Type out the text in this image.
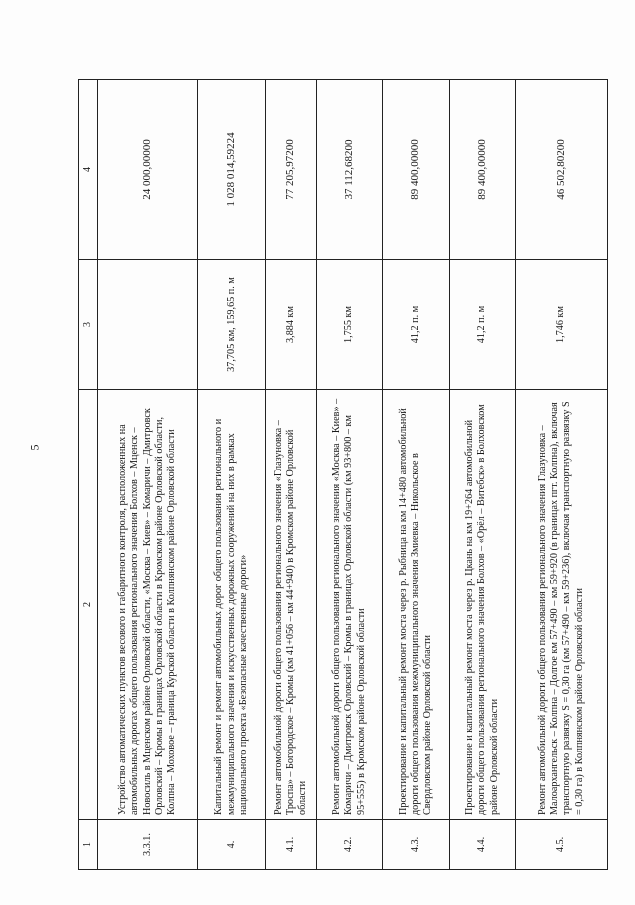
5
1	2	3	4
3.3.1.	Устройство автоматических пунктов весового и габаритного контроля, расположенных на автомобильных дорогах общего пользования регионального значения Болхов – Мценск – Новосиль в Мценском районе Орловской области, «Москва – Киев» – Комаричи – Дмитровск Орловский – Кромы в границах Орловской области в Кромском районе Орловской области, Колпна – Моховое – граница Курской области в Колпнянском районе Орловской области		24 000,00000
4.	Капитальный ремонт и ремонт автомобильных дорог общего пользования регионального и межмуниципального значения и искусственных дорожных сооружений на них в рамках национального проекта «Безопасные качественные дороги»	37,705 км, 159,65 п. м	1 028 014,59224
4.1.	Ремонт автомобильной дороги общего пользования регионального значения «Глазуновка – Троспа» – Богородское – Кромы (км 41+056 – км 44+940) в Кромском районе Орловской области	3,884 км	77 205,97200
4.2.	Ремонт автомобильной дороги общего пользования регионального значения «Москва – Киев» – Комаричи – Дмитровск Орловский – Кромы в границах Орловской области (км 93+800 – км 95+555) в Кромском районе Орловской области	1,755 км	37 112,68200
4.3.	Проектирование и капитальный ремонт моста через р. Рыбница на км 14+480 автомобильной дороги общего пользования межмуниципального значения Змиевка – Никольское в Свердловском районе Орловской области	41,2 п. м	89 400,00000
4.4.	Проектирование и капитальный ремонт моста через р. Цкань на км 19+264 автомобильной дороги общего пользования регионального значения Болхов – «Орёл – Витебск» в Болховском районе Орловской области	41,2 п. м	89 400,00000
4.5.	Ремонт автомобильной дороги общего пользования регионального значения Глазуновка – Малоархангельск – Колпна – Долгое км 57+490 – км 59+920 (в границах пгт. Колпна), включая транспортную развязку S = 0,30 га (км 57+490 – км 59+236), включая транспортную развязку S = 0,30 га) в Колпнянском районе Орловской области	1,746 км	46 502,80200
